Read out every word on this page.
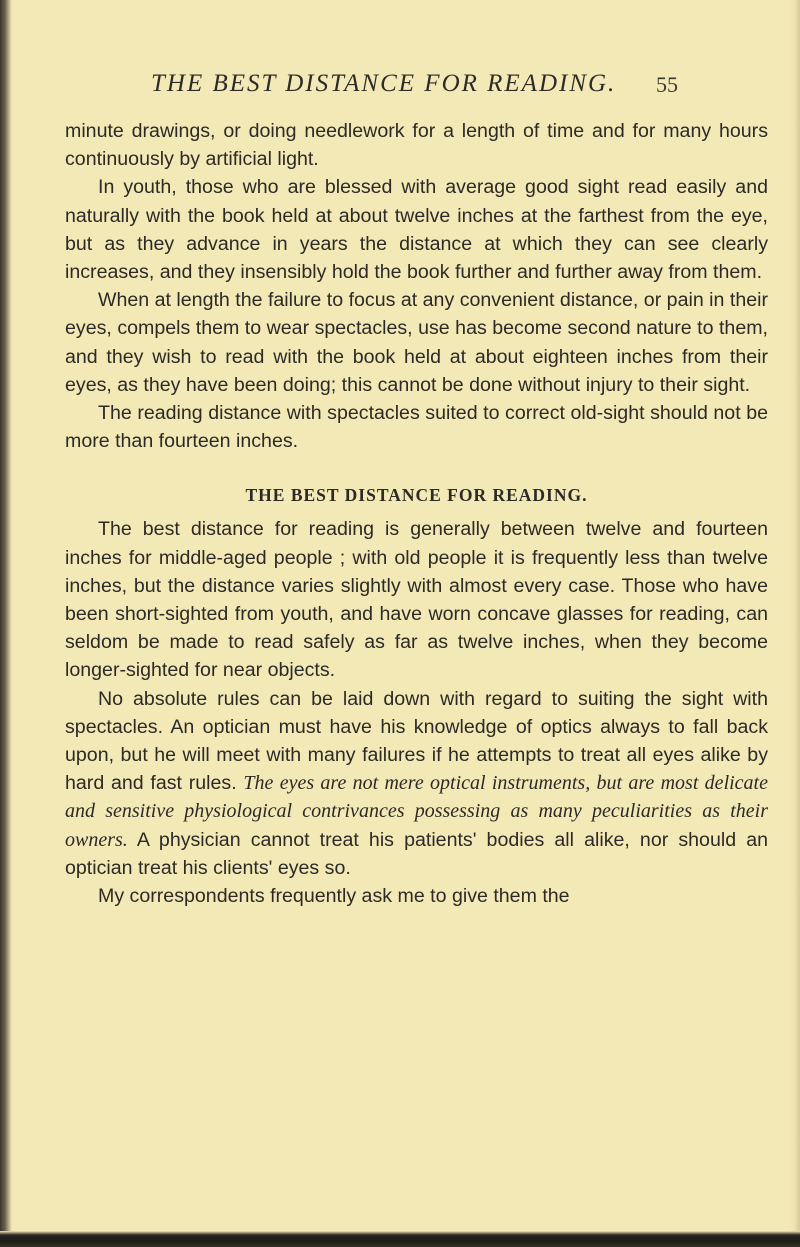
THE BEST DISTANCE FOR READING. 55

minute drawings, or doing needlework for a length of time and for many hours continuously by artificial light.

In youth, those who are blessed with average good sight read easily and naturally with the book held at about twelve inches at the farthest from the eye, but as they advance in years the distance at which they can see clearly increases, and they insensibly hold the book further and further away from them.

When at length the failure to focus at any convenient distance, or pain in their eyes, compels them to wear spectacles, use has become second nature to them, and they wish to read with the book held at about eighteen inches from their eyes, as they have been doing; this cannot be done without injury to their sight.

The reading distance with spectacles suited to correct old-sight should not be more than fourteen inches.

THE BEST DISTANCE FOR READING.

The best distance for reading is generally between twelve and fourteen inches for middle-aged people ; with old people it is frequently less than twelve inches, but the distance varies slightly with almost every case. Those who have been short-sighted from youth, and have worn concave glasses for reading, can seldom be made to read safely as far as twelve inches, when they become longer-sighted for near objects.

No absolute rules can be laid down with regard to suiting the sight with spectacles. An optician must have his knowledge of optics always to fall back upon, but he will meet with many failures if he attempts to treat all eyes alike by hard and fast rules. The eyes are not mere optical instruments, but are most delicate and sensitive physiological contrivances possessing as many peculiarities as their owners. A physician cannot treat his patients' bodies all alike, nor should an optician treat his clients' eyes so.

My correspondents frequently ask me to give them the
